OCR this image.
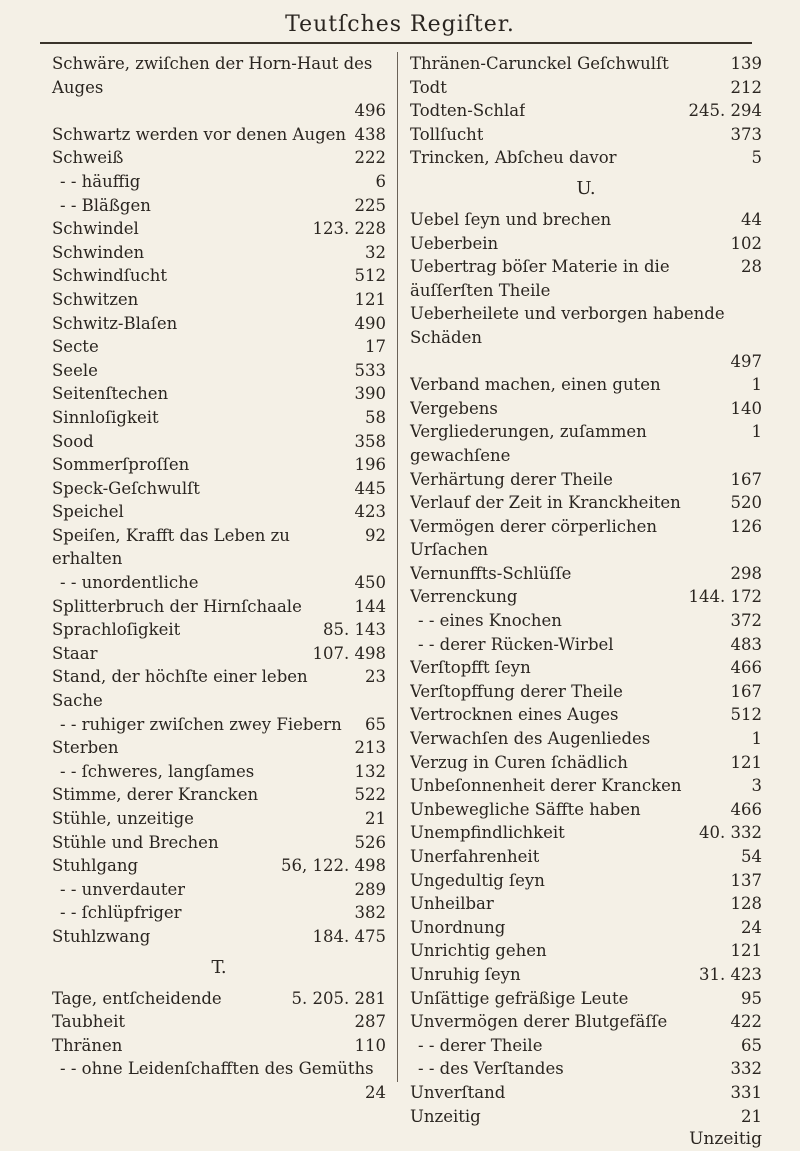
Teutſches Regiſter.
Schwäre, zwiſchen der Horn-Haut des Auges
496
Schwartz werden vor denen Augen 438
Schweiß	222
- - häuffig	6
- - Bläßgen	225
Schwindel	123. 228
Schwinden	32
Schwindſucht	512
Schwitzen	121
Schwitz-Blaſen	490
Secte	17
Seele	533
Seitenſtechen	390
Sinnloſigkeit	58
Sood	358
Sommerſproſſen	196
Speck-Geſchwulſt	445
Speichel	423
Speiſen, Krafft das Leben zu erhalten
92
- - unordentliche	450
Splitterbruch der Hirnſchaale	144
Sprachloſigkeit	85. 143
Staar	107. 498
Stand, der höchſte einer leben Sache
23
- - ruhiger zwiſchen zwey Fiebern 65
Sterben	213
- - ſchweres, langſames	132
Stimme, derer Krancken	522
Stühle, unzeitige	21
Stühle und Brechen	526
Stuhlgang	56, 122. 498
- - unverdauter	289
- - ſchlüpfriger	382
Stuhlzwang	184. 475
T.
Tage, entſcheidende	5. 205. 281
Taubheit	287
Thränen	110
- - ohne Leidenſchafften des Gemüths
24
Thränen-Carunckel Geſchwulſt	139
Todt	212
Todten-Schlaf	245. 294
Tollſucht	373
Trincken, Abſcheu davor	5
U.
Uebel ſeyn und brechen	44
Ueberbein	102
Uebertrag böſer Materie in die äuſſerſten Theile
28
Ueberheilete und verborgen habende Schäden
497
Verband machen, einen guten	1
Vergebens	140
Vergliederungen, zuſammen gewachſene
1
Verhärtung derer Theile	167
Verlauf der Zeit in Kranckheiten	520
Vermögen derer cörperlichen Urſachen
126
Vernunffts-Schlüſſe	298
Verrenckung	144. 172
- - eines Knochen	372
- - derer Rücken-Wirbel	483
Verſtopfft ſeyn	466
Verſtopffung derer Theile	167
Vertrocknen eines Auges	512
Verwachſen des Augenliedes	1
Verzug in Curen ſchädlich	121
Unbeſonnenheit derer Krancken	3
Unbewegliche Säffte haben	466
Unempfindlichkeit	40. 332
Unerfahrenheit	54
Ungedultig ſeyn	137
Unheilbar	128
Unordnung	24
Unrichtig gehen	121
Unruhig ſeyn	31. 423
Unſättige gefräßige Leute	95
Unvermögen derer Blutgefäſſe	422
- - derer Theile	65
- - des Verſtandes	332
Unverſtand	331
Unzeitig	21
Unzeitig
